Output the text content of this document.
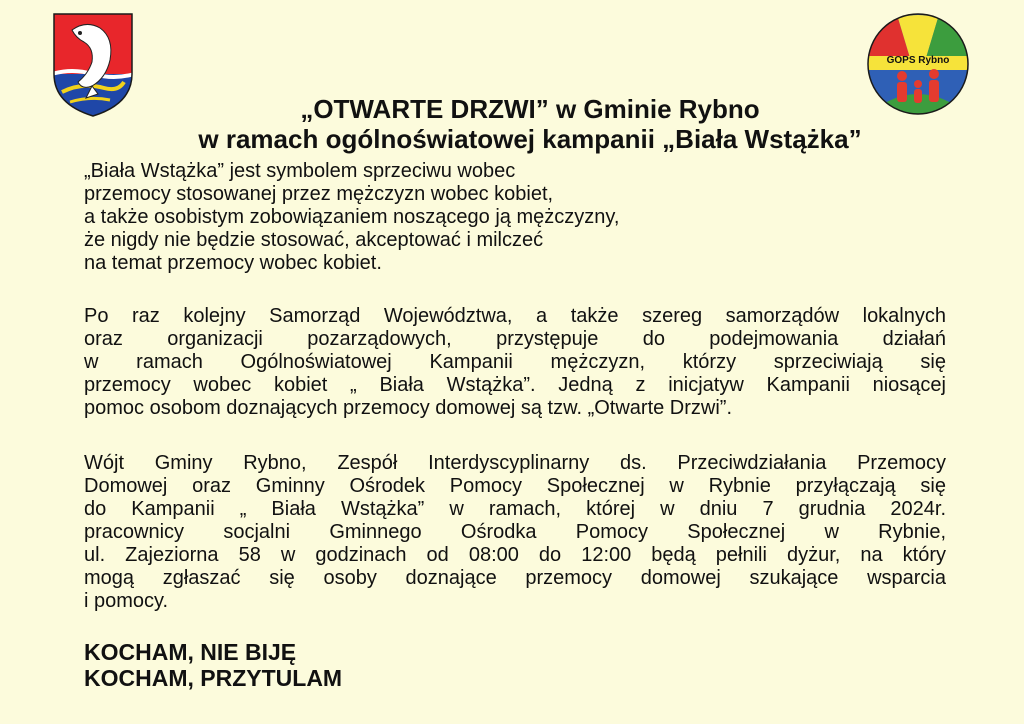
GOPS Rybno
„OTWARTE DRZWI” w Gminie Rybno
w ramach ogólnoświatowej kampanii „Biała Wstążka”

„Biała Wstążka” jest symbolem sprzeciwu wobec
przemocy stosowanej przez mężczyzn wobec kobiet,
a także osobistym zobowiązaniem noszącego ją mężczyzny,
że nigdy nie będzie stosować, akceptować i milczeć
na temat przemocy wobec kobiet.

Po raz kolejny Samorząd Województwa, a także szereg samorządów lokalnych
oraz organizacji pozarządowych, przystępuje do podejmowania działań
w ramach Ogólnoświatowej Kampanii mężczyzn, którzy sprzeciwiają się
przemocy wobec kobiet „ Biała Wstążka”. Jedną z inicjatyw Kampanii niosącej
pomoc osobom doznających przemocy domowej są tzw. „Otwarte Drzwi”.

Wójt Gminy Rybno, Zespół Interdyscyplinarny ds. Przeciwdziałania Przemocy
Domowej oraz Gminny Ośrodek Pomocy Społecznej w Rybnie przyłączają się
do Kampanii „ Biała Wstążka” w ramach, której w dniu 7 grudnia 2024r.
pracownicy socjalni Gminnego Ośrodka Pomocy Społecznej w Rybnie,
ul. Zajeziorna 58 w godzinach od 08:00 do 12:00 będą pełnili dyżur, na który
mogą zgłaszać się osoby doznające przemocy domowej szukające wsparcia
i pomocy.

KOCHAM, NIE BIJĘ

KOCHAM, PRZYTULAM
